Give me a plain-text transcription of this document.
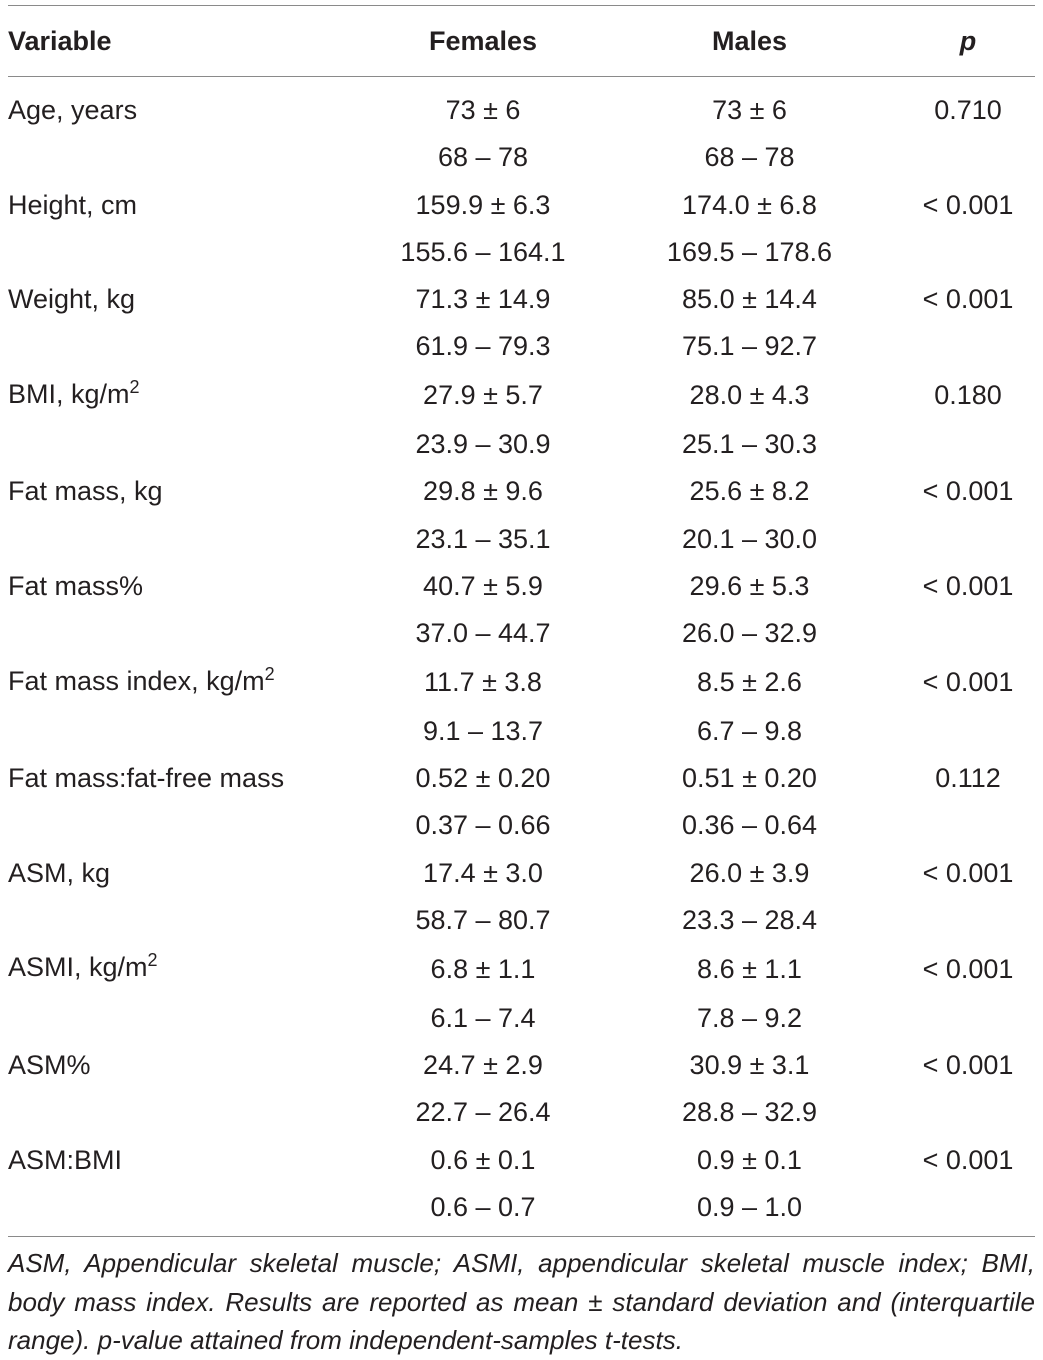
Variable	Females	Males	p

Age, years	73 ± 6	73 ± 6	0.710
	68 – 78	68 – 78	
Height, cm	159.9 ± 6.3	174.0 ± 6.8	< 0.001
	155.6 – 164.1	169.5 – 178.6	
Weight, kg	71.3 ± 14.9	85.0 ± 14.4	< 0.001
	61.9 – 79.3	75.1 – 92.7	
BMI, $kg/m^2$	27.9 ± 5.7	28.0 ± 4.3	0.180
	23.9 – 30.9	25.1 – 30.3	
Fat mass, kg	29.8 ± 9.6	25.6 ± 8.2	< 0.001
	23.1 – 35.1	20.1 – 30.0	
Fat mass%	40.7 ± 5.9	29.6 ± 5.3	< 0.001
	37.0 – 44.7	26.0 – 32.9	
Fat mass index, $kg/m^2$	11.7 ± 3.8	8.5 ± 2.6	< 0.001
	9.1 – 13.7	6.7 – 9.8	
Fat mass:fat-free mass	0.52 ± 0.20	0.51 ± 0.20	0.112
	0.37 – 0.66	0.36 – 0.64	
ASM, kg	17.4 ± 3.0	26.0 ± 3.9	< 0.001
	58.7 – 80.7	23.3 – 28.4	
ASMI, $kg/m^2$	6.8 ± 1.1	8.6 ± 1.1	< 0.001
	6.1 – 7.4	7.8 – 9.2	
ASM%	24.7 ± 2.9	30.9 ± 3.1	< 0.001
	22.7 – 26.4	28.8 – 32.9	
ASM:BMI	0.6 ± 0.1	0.9 ± 0.1	< 0.001
	0.6 – 0.7	0.9 – 1.0	
ASM, Appendicular skeletal muscle; ASMI, appendicular skeletal muscle index; BMI, body mass index. Results are reported as mean ± standard deviation and (interquartile range). p-value attained from independent-samples t-tests.
